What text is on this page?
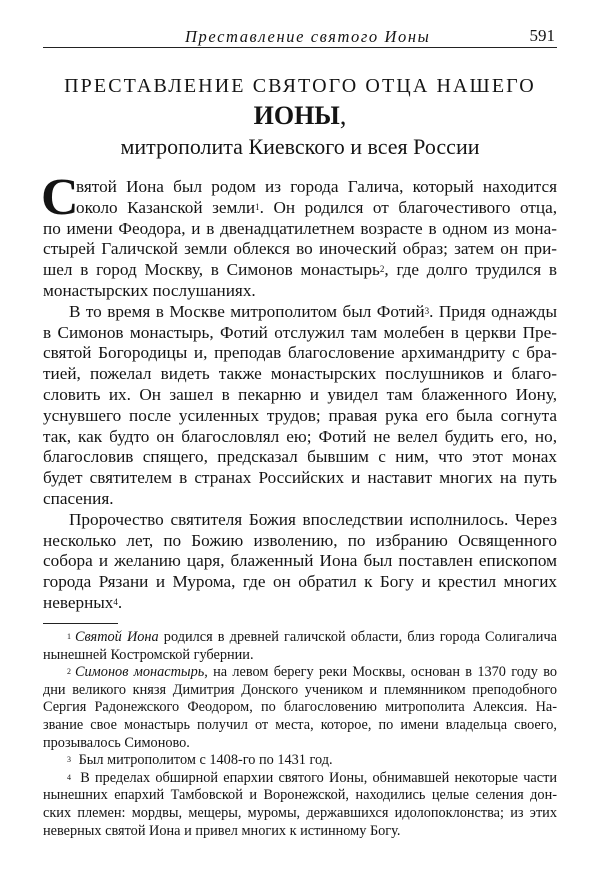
Преставление святого Ионы	591
ПРЕСТАВЛЕНИЕ СВЯТОГО ОТЦА НАШЕГО
ИОНЫ,
митрополита Киевского и всея России
С
вятой Иона был родом из города Галича, который находится
около Казанской земли$^1$. Он родился от благочестивого отца,
по имени Феодора, и в двенадцатилетнем возрасте в одном из мона-
стырей Галичской земли облекся во иноческий образ; затем он при-
шел в город Москву, в Симонов монастырь$^2$, где долго трудился в
монастырских послушаниях.
В то время в Москве митрополитом был Фотий$^3$. Придя однажды
в Симонов монастырь, Фотий отслужил там молебен в церкви Пре-
святой Богородицы и, преподав благословение архимандриту с бра-
тией, пожелал видеть также монастырских послушников и благо-
словить их. Он зашел в пекарню и увидел там блаженного Иону,
уснувшего после усиленных трудов; правая рука его была согнута
так, как будто он благословлял ею; Фотий не велел будить его, но,
благословив спящего, предсказал бывшим с ним, что этот монах
будет святителем в странах Российских и наставит многих на путь
спасения.
Пророчество святителя Божия впоследствии исполнилось. Через
несколько лет, по Божию изволению, по избранию Освященного
собора и желанию царя, блаженный Иона был поставлен епископом
города Рязани и Мурома, где он обратил к Богу и крестил многих
неверных$^4$.
$^1$ Святой Иона родился в древней галичской области, близ города Солигалича
нынешней Костромской губернии.
$^2$ Симонов монастырь, на левом берегу реки Москвы, основан в 1370 году во
дни великого князя Димитрия Донского учеником и племянником преподобного
Сергия Радонежского Феодором, по благословению митрополита Алексия. На-
звание свое монастырь получил от места, которое, по имени владельца своего,
прозывалось Симоново.
$^3$ Был митрополитом с 1408-го по 1431 год.
$^4$ В пределах обширной епархии святого Ионы, обнимавшей некоторые части
нынешних епархий Тамбовской и Воронежской, находились целые селения дон-
ских племен: мордвы, мещеры, муромы, державшихся идолопоклонства; из этих
неверных святой Иона и привел многих к истинному Богу.
